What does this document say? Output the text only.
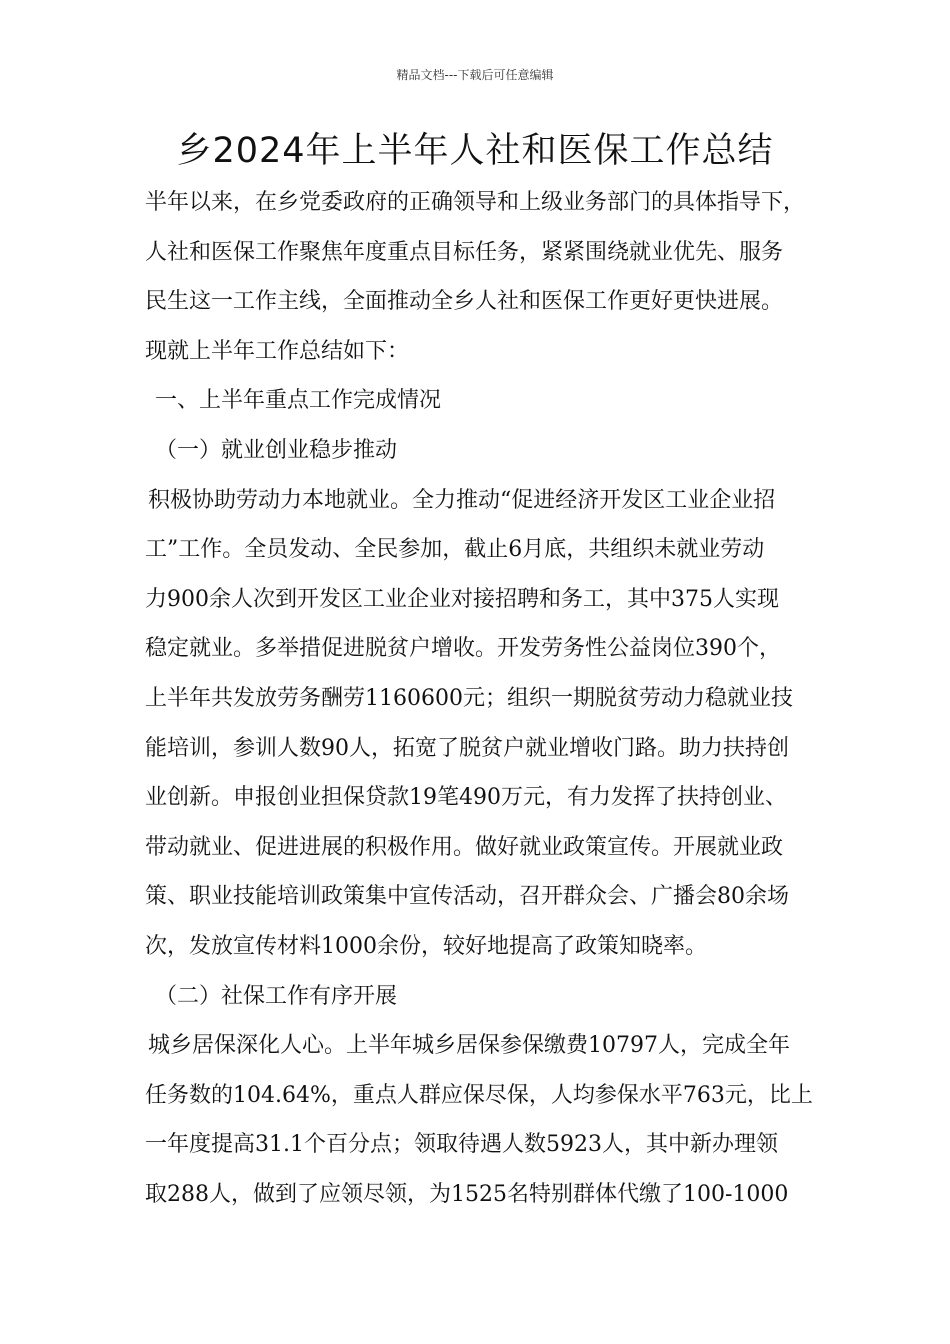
精品文档---下载后可任意编辑
乡2024年上半年人社和医保工作总结
半年以来，在乡党委政府的正确领导和上级业务部门的具体指导下，
人社和医保工作聚焦年度重点目标任务，紧紧围绕就业优先、服务
民生这一工作主线，全面推动全乡人社和医保工作更好更快进展。
现就上半年工作总结如下：
一、上半年重点工作完成情况
（一）就业创业稳步推动
积极协助劳动力本地就业。全力推动“促进经济开发区工业企业招
工”工作。全员发动、全民参加，截止6月底，共组织未就业劳动
力900余人次到开发区工业企业对接招聘和务工，其中375人实现
稳定就业。多举措促进脱贫户增收。开发劳务性公益岗位390个，
上半年共发放劳务酬劳1160600元；组织一期脱贫劳动力稳就业技
能培训，参训人数90人，拓宽了脱贫户就业增收门路。助力扶持创
业创新。申报创业担保贷款19笔490万元，有力发挥了扶持创业、
带动就业、促进进展的积极作用。做好就业政策宣传。开展就业政
策、职业技能培训政策集中宣传活动，召开群众会、广播会80余场
次，发放宣传材料1000余份，较好地提高了政策知晓率。
（二）社保工作有序开展
城乡居保深化人心。上半年城乡居保参保缴费10797人，完成全年
任务数的104.64%，重点人群应保尽保，人均参保水平763元，比上
一年度提高31.1个百分点；领取待遇人数5923人，其中新办理领
取288人，做到了应领尽领，为1525名特别群体代缴了100-1000
